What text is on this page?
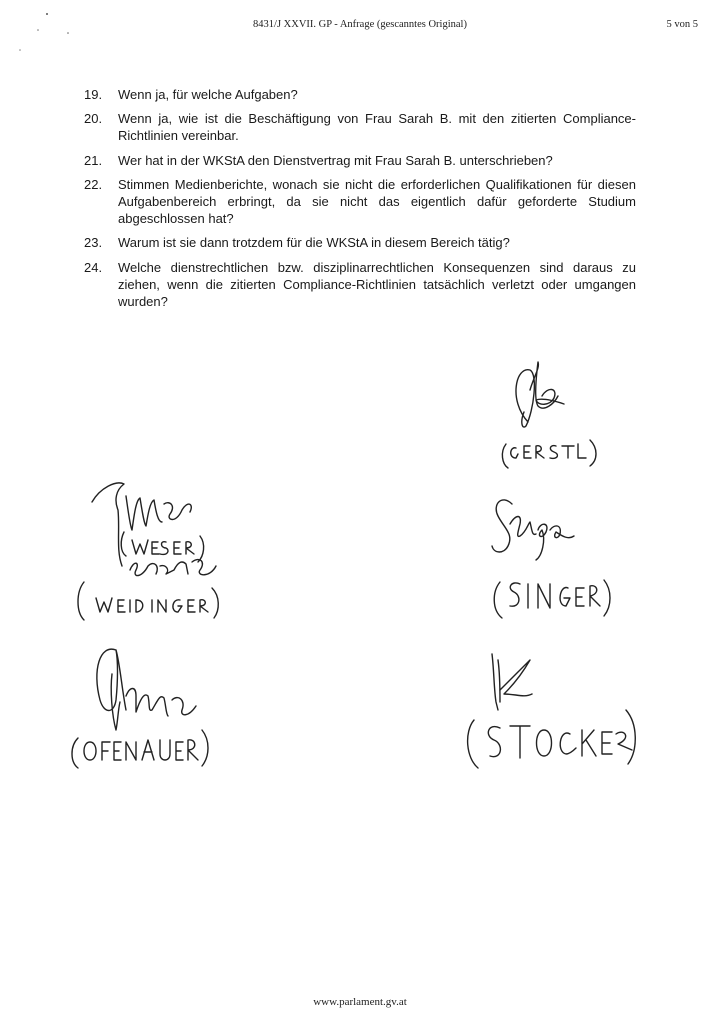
8431/J XXVII. GP - Anfrage (gescanntes Original)	5 von 5
19.	Wenn ja, für welche Aufgaben?
20.	Wenn ja, wie ist die Beschäftigung von Frau Sarah B. mit den zitierten Compliance-Richtlinien vereinbar.
21.	Wer hat in der WKStA den Dienstvertrag mit Frau Sarah B. unterschrieben?
22.	Stimmen Medienberichte, wonach sie nicht die erforderlichen Qualifikationen für diesen Aufgabenbereich erbringt, da sie nicht das eigentlich dafür geforderte Studium abgeschlossen hat?
23.	Warum ist sie dann trotzdem für die WKStA in diesem Bereich tätig?
24.	Welche dienstrechtlichen bzw. disziplinarrechtlichen Konsequenzen sind daraus zu ziehen, wenn die zitierten Compliance-Richtlinien tatsächlich verletzt oder umgangen wurden?
www.parlament.gv.at
